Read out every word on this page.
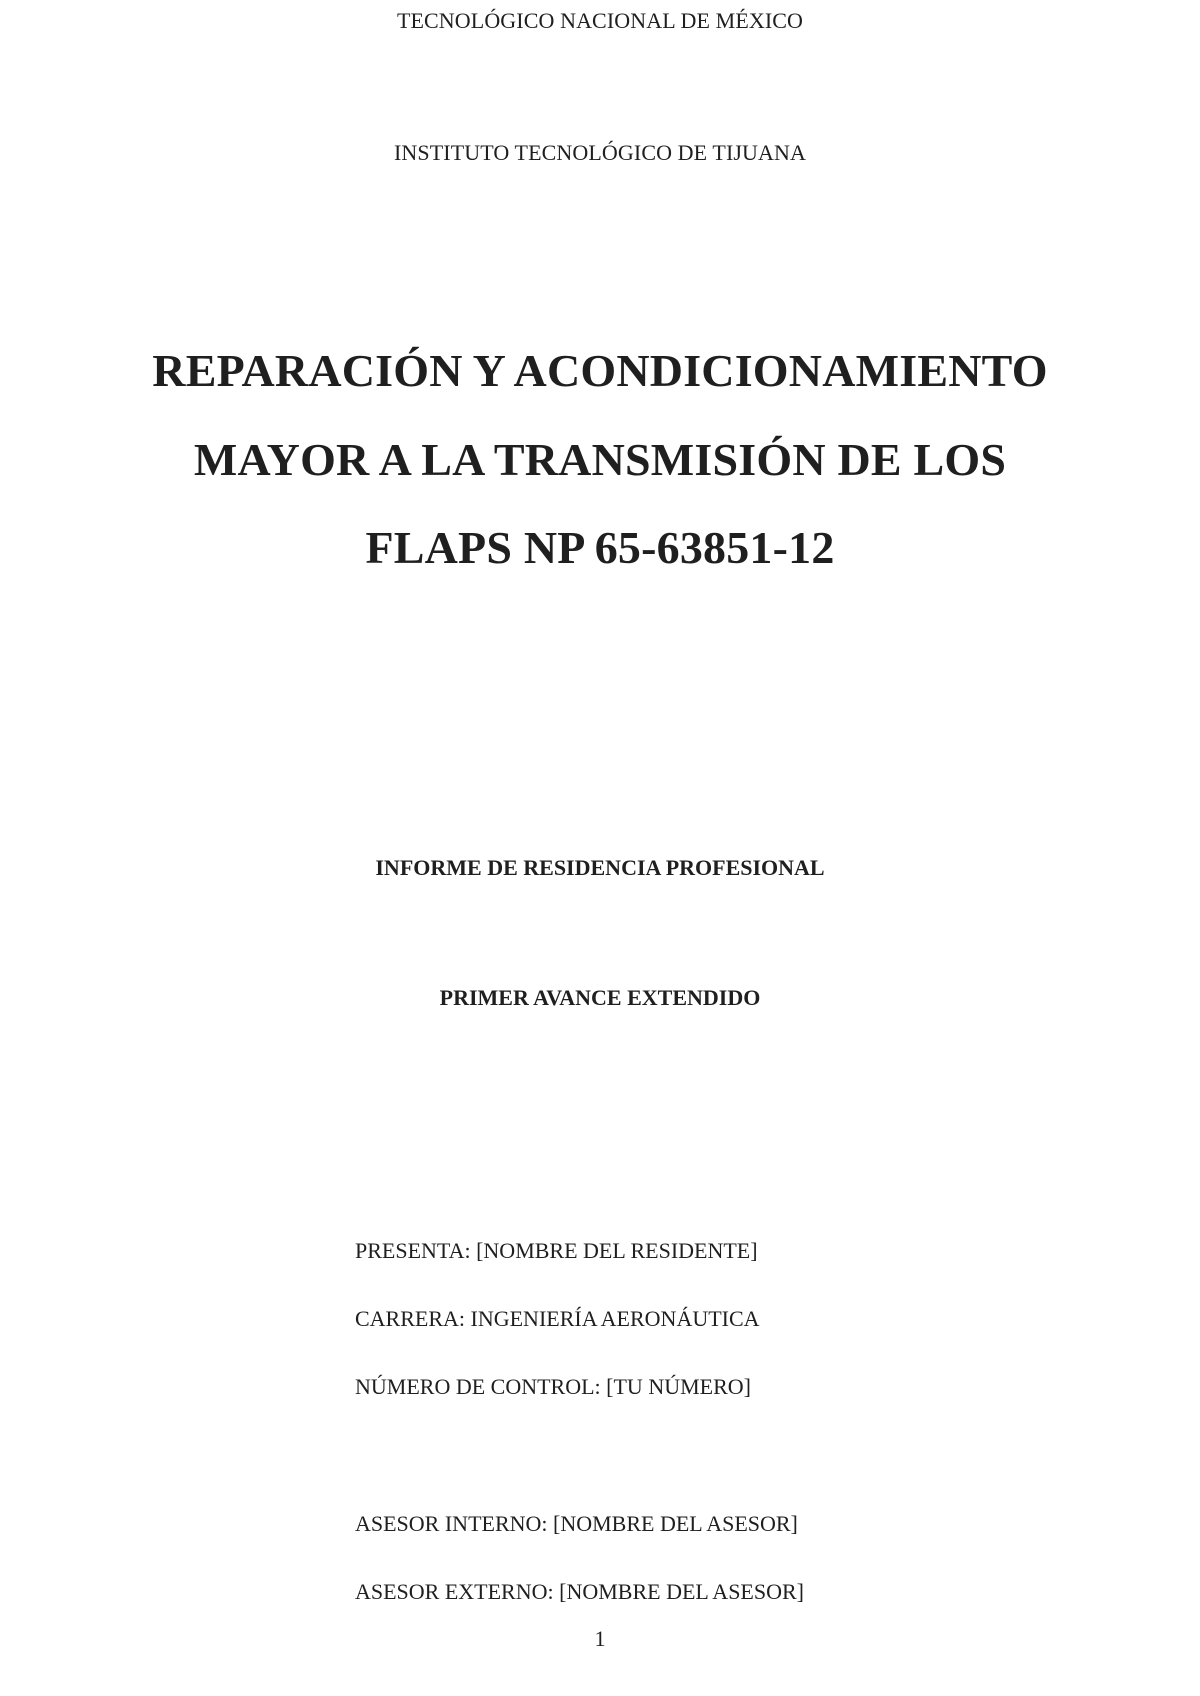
TECNOLÓGICO NACIONAL DE MÉXICO
INSTITUTO TECNOLÓGICO DE TIJUANA
REPARACIÓN Y ACONDICIONAMIENTO
MAYOR A LA TRANSMISIÓN DE LOS
FLAPS NP 65-63851-12
INFORME DE RESIDENCIA PROFESIONAL
PRIMER AVANCE EXTENDIDO
PRESENTA: [NOMBRE DEL RESIDENTE]
CARRERA: INGENIERÍA AERONÁUTICA
NÚMERO DE CONTROL: [TU NÚMERO]
ASESOR INTERNO: [NOMBRE DEL ASESOR]
ASESOR EXTERNO: [NOMBRE DEL ASESOR]
1
